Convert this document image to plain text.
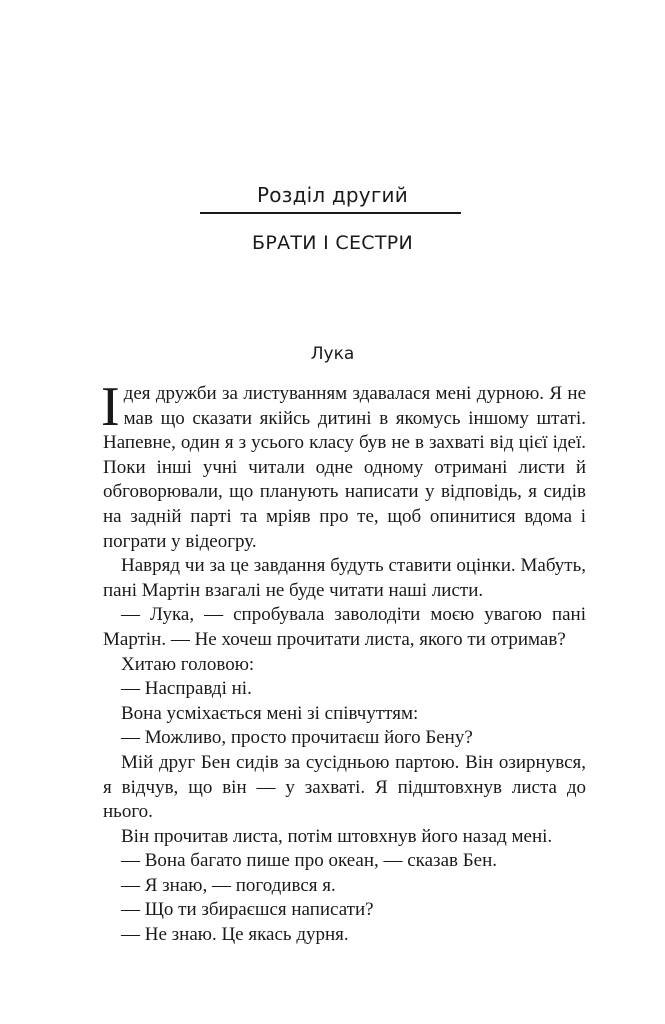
Розділ другий
БРАТИ І СЕСТРИ
Лука

Ідея дружби за листуванням здавалася мені дурною. Я не мав що сказати якійсь дитині в якомусь іншому штаті. Напевне, один я з усього класу був не в захваті від цієї ідеї. Поки інші учні читали одне одному отримані листи й обговорювали, що планують написати у відповідь, я сидів на задній парті та мріяв про те, щоб опинитися вдома і пограти у відеогру.

Навряд чи за це завдання будуть ставити оцінки. Мабуть, пані Мартін взагалі не буде читати наші листи.

— Лука, — спробувала заволодіти моєю увагою пані Мартін. — Не хочеш прочитати листа, якого ти отримав?

Хитаю головою:

— Насправді ні.

Вона усміхається мені зі співчуттям:

— Можливо, просто прочитаєш його Бену?

Мій друг Бен сидів за сусідньою партою. Він озирнувся, я відчув, що він — у захваті. Я підштовхнув листа до нього.

Він прочитав листа, потім штовхнув його назад мені.

— Вона багато пише про океан, — сказав Бен.

— Я знаю, — погодився я.

— Що ти збираєшся написати?

— Не знаю. Це якась дурня.
